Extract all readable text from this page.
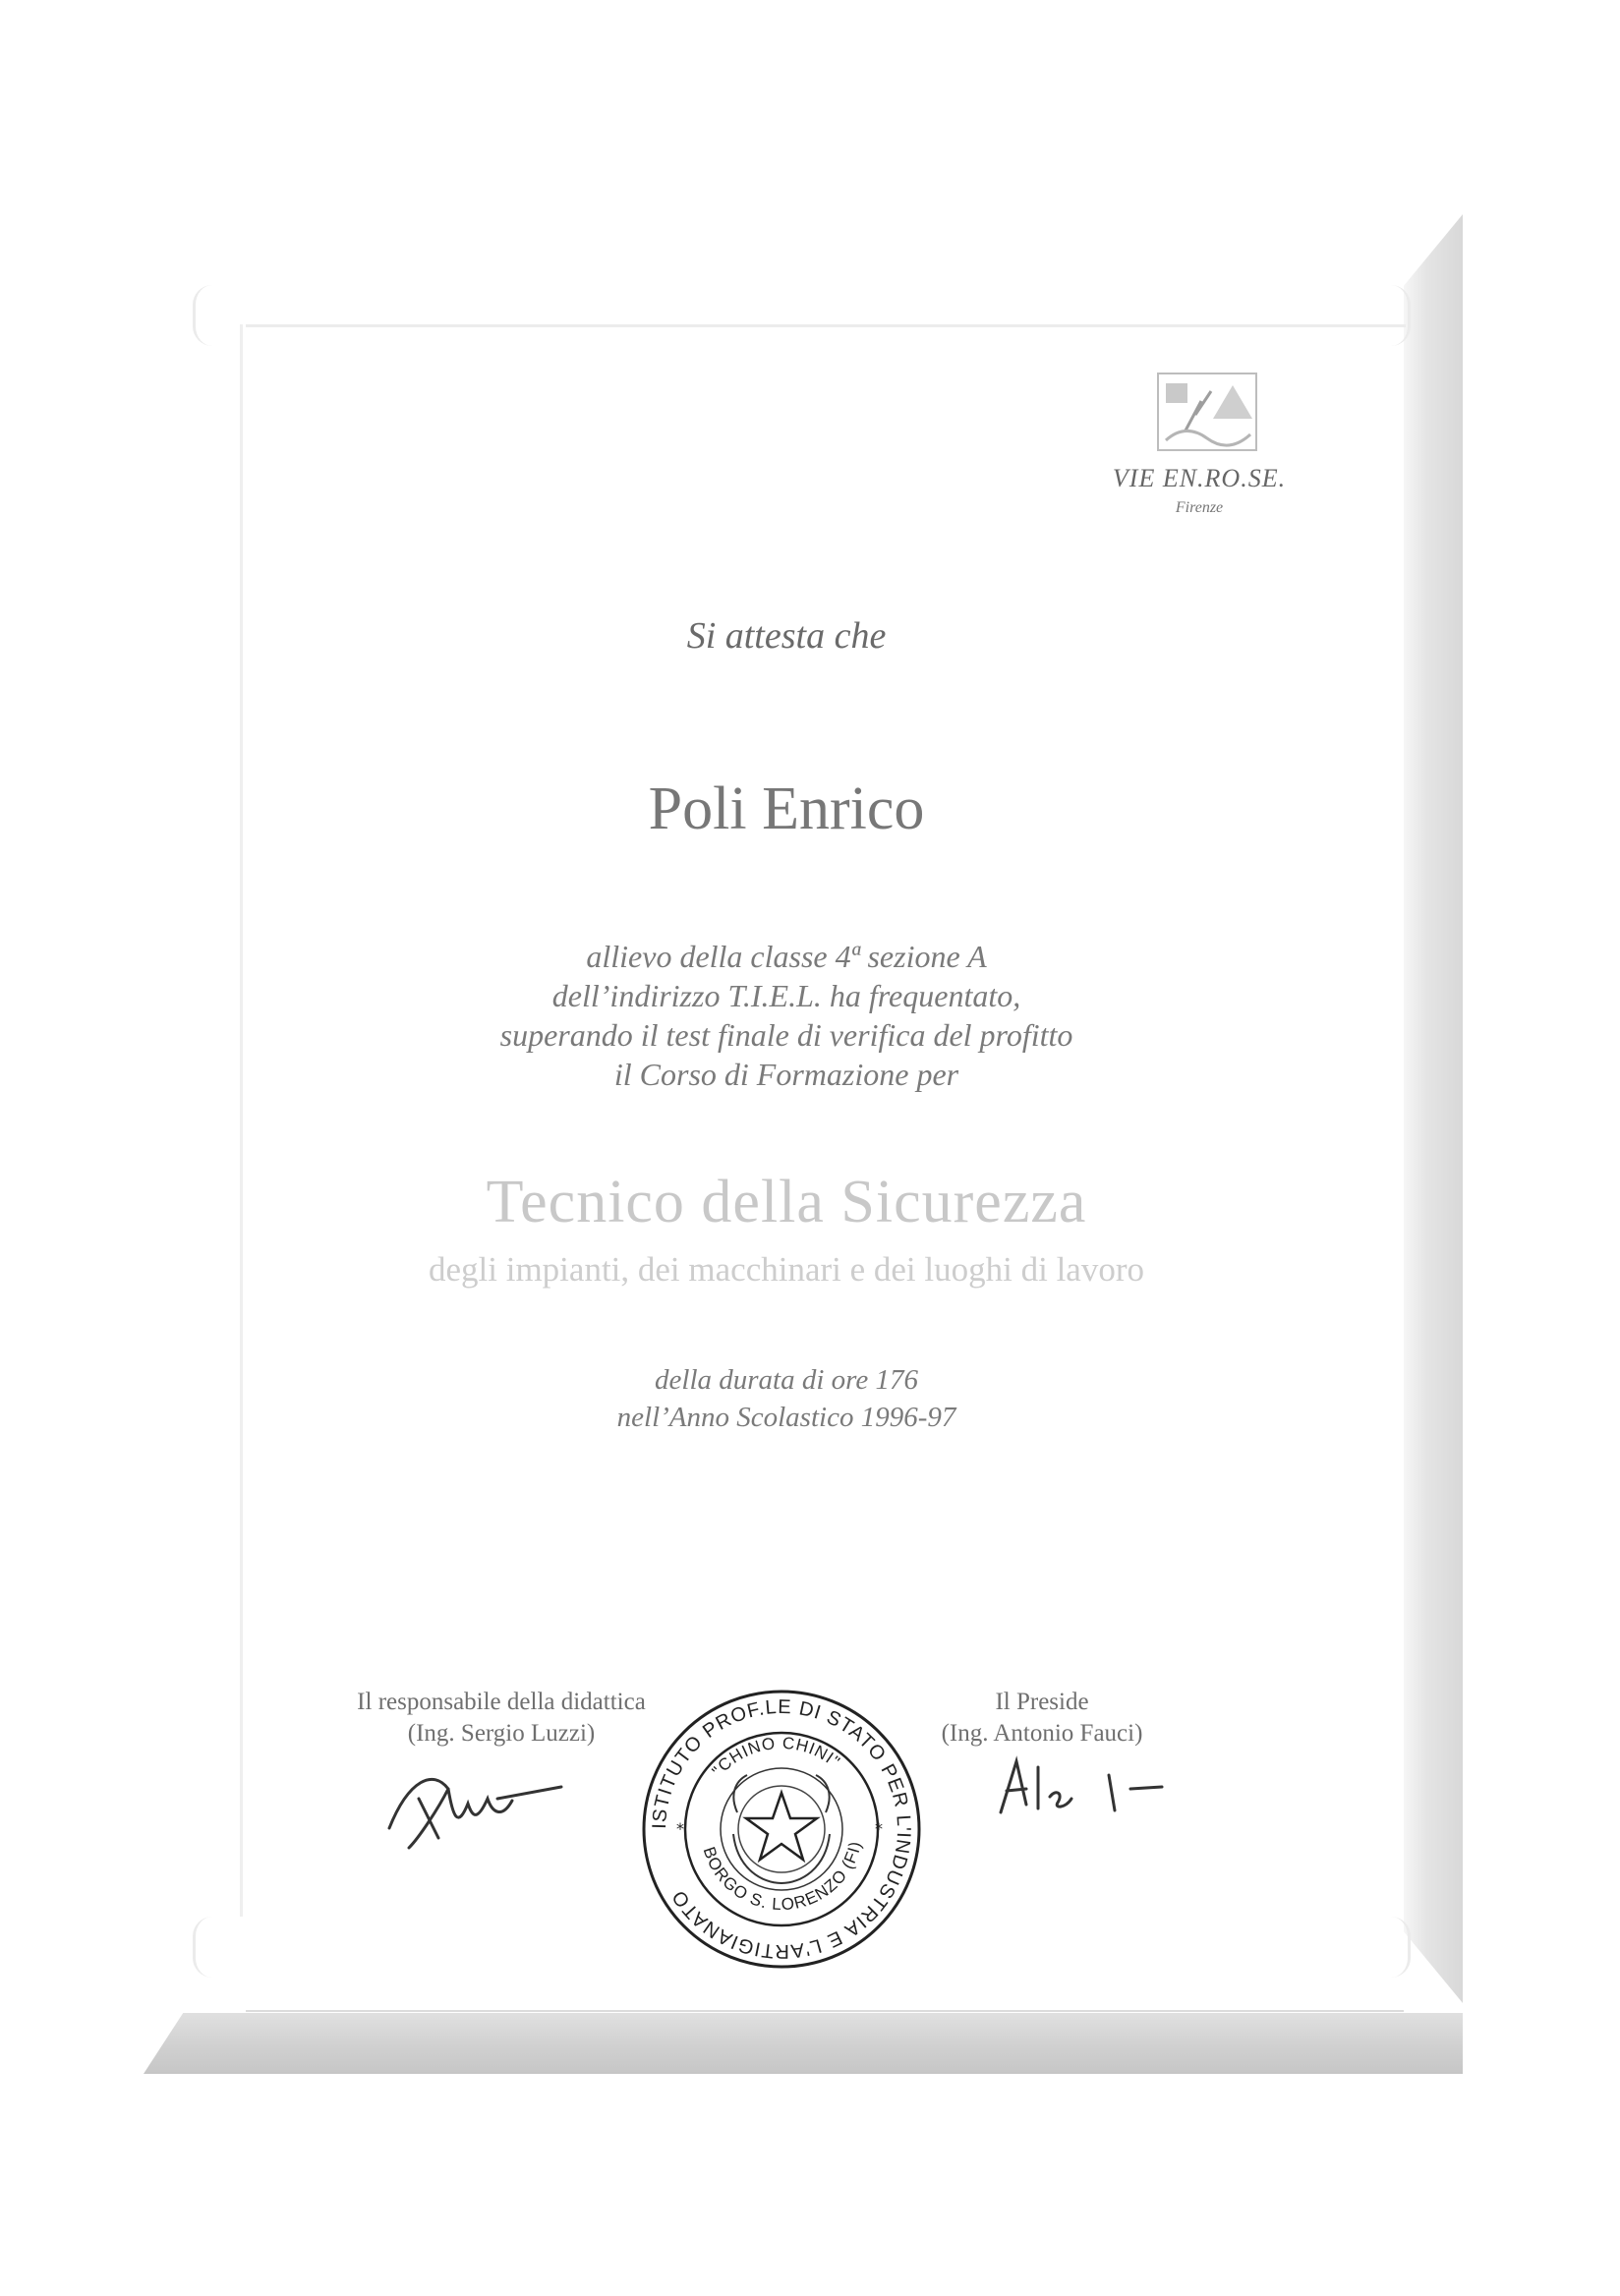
VIE EN.RO.SE.
Firenze

Si attesta che

Poli Enrico

allievo della classe 4ª sezione A
dell’indirizzo T.I.E.L. ha frequentato,
superando il test finale di verifica del profitto
il Corso di Formazione per

Tecnico della Sicurezza

degli impianti, dei macchinari e dei luoghi di lavoro

della durata di ore 176
nell’Anno Scolastico 1996-97
Il responsabile della didattica
(Ing. Sergio Luzzi)
Il Preside
(Ing. Antonio Fauci)
ISTITUTO PROF.LE DI STATO PER L'INDUSTRIA E L'ARTIGIANATO
"CHINO CHINI"
BORGO S. LORENZO (FI)
*	*
